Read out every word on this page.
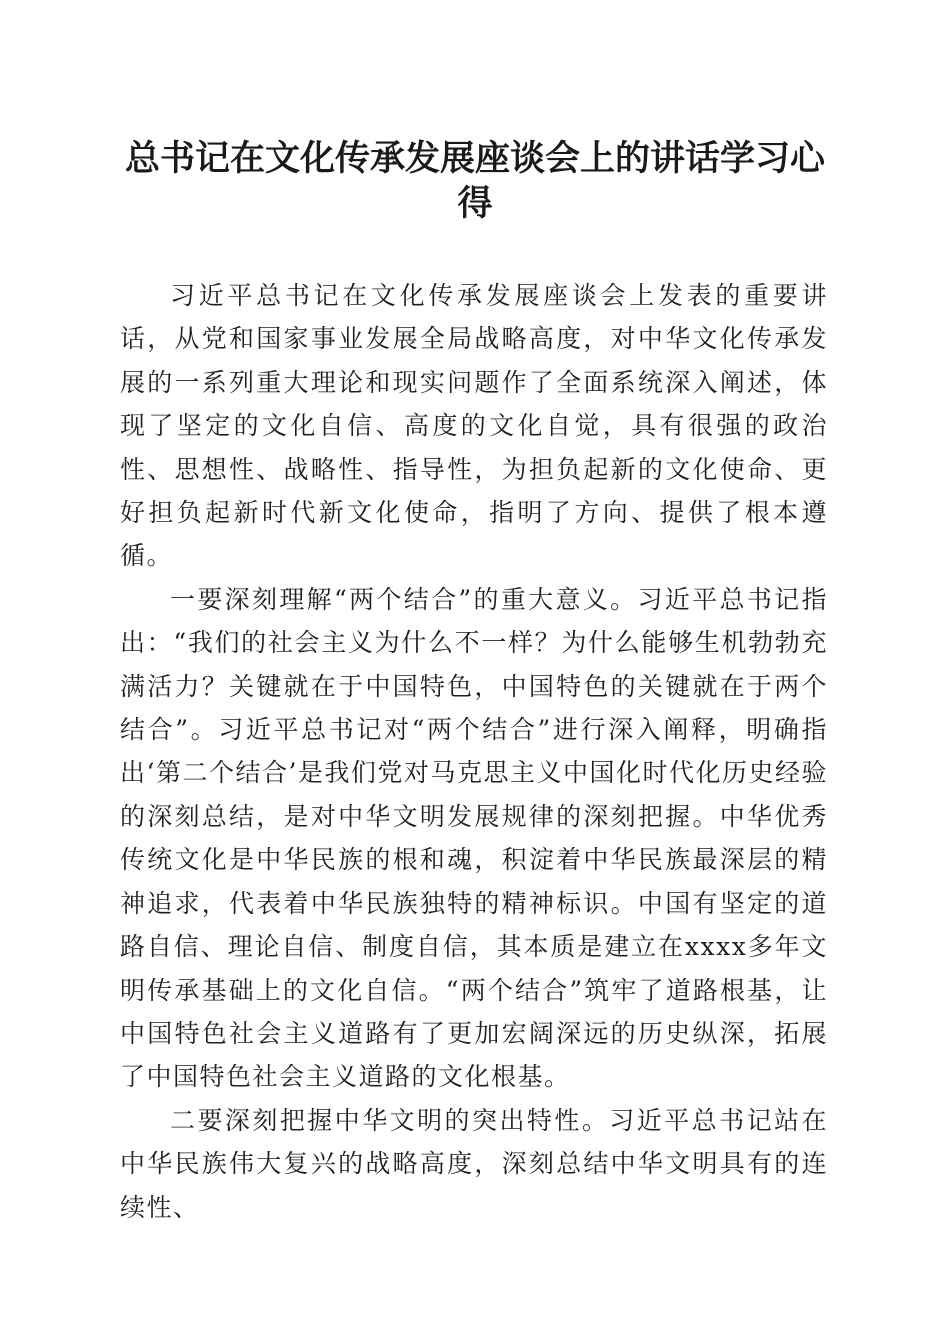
总书记在文化传承发展座谈会上的讲话学习心得

习近平总书记在文化传承发展座谈会上发表的重要讲话，从党和国家事业发展全局战略高度，对中华文化传承发展的一系列重大理论和现实问题作了全面系统深入阐述，体现了坚定的文化自信、高度的文化自觉，具有很强的政治性、思想性、战略性、指导性，为担负起新的文化使命、更好担负起新时代新文化使命，指明了方向、提供了根本遵循。

一要深刻理解“两个结合”的重大意义。习近平总书记指出：“我们的社会主义为什么不一样？为什么能够生机勃勃充满活力？关键就在于中国特色，中国特色的关键就在于两个结合”。习近平总书记对“两个结合”进行深入阐释，明确指出‘第二个结合’是我们党对马克思主义中国化时代化历史经验的深刻总结，是对中华文明发展规律的深刻把握。中华优秀传统文化是中华民族的根和魂，积淀着中华民族最深层的精神追求，代表着中华民族独特的精神标识。中国有坚定的道路自信、理论自信、制度自信，其本质是建立在xxxx多年文明传承基础上的文化自信。“两个结合”筑牢了道路根基，让中国特色社会主义道路有了更加宏阔深远的历史纵深，拓展了中国特色社会主义道路的文化根基。

二要深刻把握中华文明的突出特性。习近平总书记站在中华民族伟大复兴的战略高度，深刻总结中华文明具有的连续性、
